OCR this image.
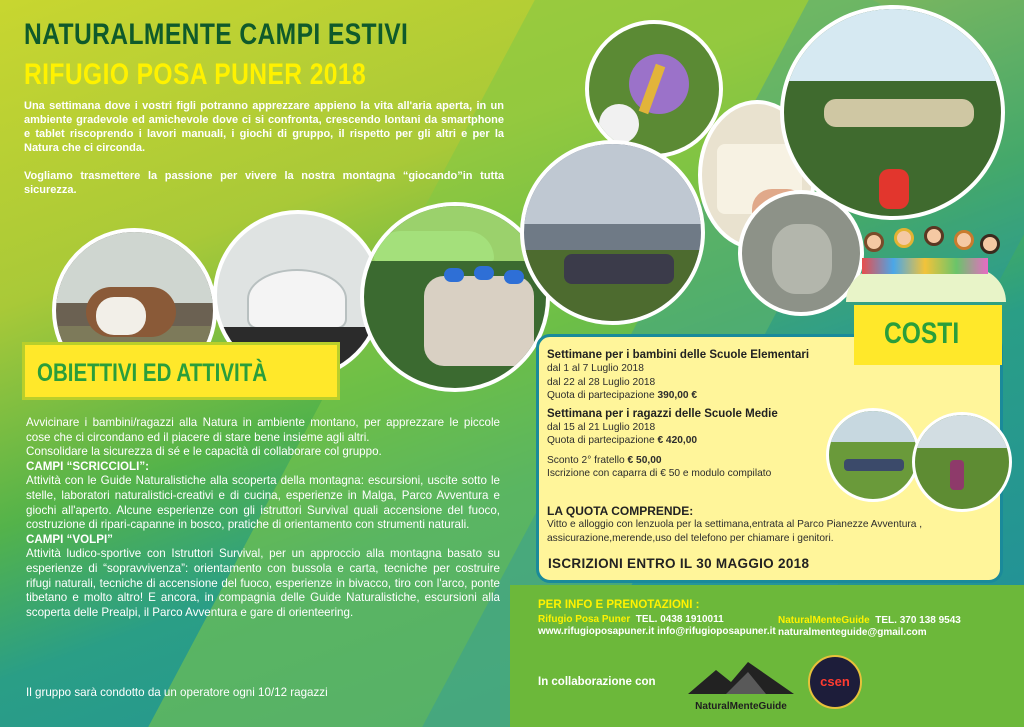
NATURALMENTE CAMPI ESTIVI
RIFUGIO POSA PUNER 2018

Una settimana dove i vostri figli potranno apprezzare appieno la vita all'aria aperta, in un ambiente gradevole ed amichevole dove ci si confronta, crescendo lontani da smartphone e tablet riscoprendo i lavori manuali, i giochi di gruppo, il rispetto per gli altri e per la Natura che ci circonda.

Vogliamo trasmettere la passione per vivere la nostra montagna “giocando”in tutta sicurezza.

OBIETTIVI ED ATTIVITÀ
Avvicinare i bambini/ragazzi alla Natura in ambiente montano, per apprezzare le piccole cose che ci circondano ed il piacere di stare bene insieme agli altri.
Consolidare la sicurezza di sé e le capacità di collaborare col gruppo.
CAMPI “SCRICCIOLI”:
Attività con le Guide Naturalistiche alla scoperta della montagna: escursioni, uscite sotto le stelle, laboratori naturalistici-creativi e di cucina, esperienze in Malga, Parco Avventura e giochi all'aperto. Alcune esperienze con gli istruttori Survival quali accensione del fuoco, costruzione di ripari-capanne in bosco, pratiche di orientamento con strumenti naturali.
CAMPI “VOLPI”
Attività ludico-sportive con Istruttori Survival, per un approccio alla montagna basato su esperienze di “sopravvivenza”: orientamento con bussola e carta, tecniche per costruire rifugi naturali, tecniche di accensione del fuoco, esperienze in bivacco, tiro con l'arco, ponte tibetano e molto altro! E ancora, in compagnia delle Guide Naturalistiche, escursioni alla scoperta delle Prealpi, il Parco Avventura e gare di orienteering.
Il gruppo sarà condotto da un operatore ogni 10/12 ragazzi
COSTI
Settimane per i bambini delle Scuole Elementari
dal 1 al 7 Luglio 2018
dal 22 al 28 Luglio 2018
Quota di partecipazione 390,00 €
Settimana per i ragazzi delle Scuole Medie
dal 15 al 21 Luglio 2018
Quota di partecipazione € 420,00
Sconto 2° fratello € 50,00
Iscrizione con caparra di € 50 e modulo compilato
LA QUOTA COMPRENDE:
Vitto e alloggio con lenzuola per la settimana,entrata al Parco Pianezze Avventura , assicurazione,merende,uso del telefono per chiamare i genitori.
ISCRIZIONI ENTRO IL 30 MAGGIO 2018
PER INFO E PRENOTAZIONI :
Rifugio Posa Puner TEL. 0438 1910011
www.rifugioposapuner.it info@rifugioposapuner.it
NaturalMenteGuide TEL. 370 138 9543
naturalmenteguide@gmail.com
In collaborazione con
NaturalMenteGuide
csen
